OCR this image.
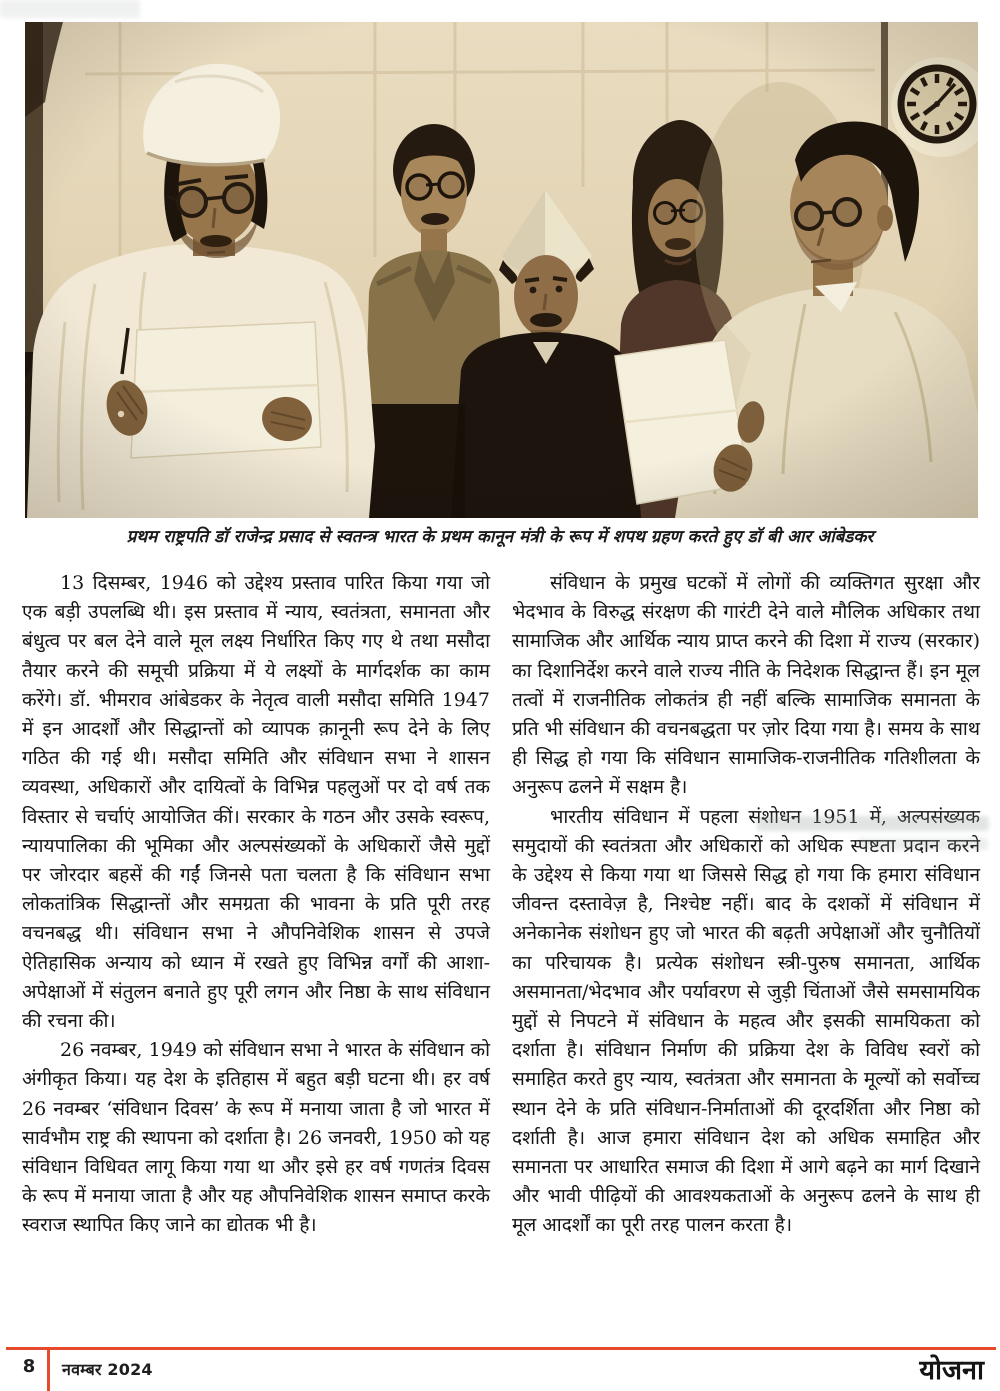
प्रथम राष्ट्रपति डॉ राजेन्द्र प्रसाद से स्वतन्त्र भारत के प्रथम कानून मंत्री के रूप में शपथ ग्रहण करते हुए डॉ बी आर आंबेडकर

13 दिसम्बर, 1946 को उद्देश्य प्रस्ताव पारित किया गया जो एक बड़ी उपलब्धि थी। इस प्रस्ताव में न्याय, स्वतंत्रता, समानता और बंधुत्व पर बल देने वाले मूल लक्ष्य निर्धारित किए गए थे तथा मसौदा तैयार करने की समूची प्रक्रिया में ये लक्ष्यों के मार्गदर्शक का काम करेंगे। डॉ. भीमराव आंबेडकर के नेतृत्व वाली मसौदा समिति 1947 में इन आदर्शों और सिद्धान्तों को व्यापक क़ानूनी रूप देने के लिए गठित की गई थी। मसौदा समिति और संविधान सभा ने शासन व्यवस्था, अधिकारों और दायित्वों के विभिन्न पहलुओं पर दो वर्ष तक विस्तार से चर्चाएं आयोजित कीं। सरकार के गठन और उसके स्वरूप, न्यायपालिका की भूमिका और अल्पसंख्यकों के अधिकारों जैसे मुद्दों पर जोरदार बहसें की गईं जिनसे पता चलता है कि संविधान सभा लोकतांत्रिक सिद्धान्तों और समग्रता की भावना के प्रति पूरी तरह वचनबद्ध थी। संविधान सभा ने औपनिवेशिक शासन से उपजे ऐतिहासिक अन्याय को ध्यान में रखते हुए विभिन्न वर्गों की आशा-अपेक्षाओं में संतुलन बनाते हुए पूरी लगन और निष्ठा के साथ संविधान की रचना की।

26 नवम्बर, 1949 को संविधान सभा ने भारत के संविधान को अंगीकृत किया। यह देश के इतिहास में बहुत बड़ी घटना थी। हर वर्ष 26 नवम्बर ‘संविधान दिवस’ के रूप में मनाया जाता है जो भारत में सार्वभौम राष्ट्र की स्थापना को दर्शाता है। 26 जनवरी, 1950 को यह संविधान विधिवत लागू किया गया था और इसे हर वर्ष गणतंत्र दिवस के रूप में मनाया जाता है और यह औपनिवेशिक शासन समाप्त करके स्वराज स्थापित किए जाने का द्योतक भी है।

संविधान के प्रमुख घटकों में लोगों की व्यक्तिगत सुरक्षा और भेदभाव के विरुद्ध संरक्षण की गारंटी देने वाले मौलिक अधिकार तथा सामाजिक और आर्थिक न्याय प्राप्त करने की दिशा में राज्य (सरकार) का दिशानिर्देश करने वाले राज्य नीति के निदेशक सिद्धान्त हैं। इन मूल तत्वों में राजनीतिक लोकतंत्र ही नहीं बल्कि सामाजिक समानता के प्रति भी संविधान की वचनबद्धता पर ज़ोर दिया गया है। समय के साथ ही सिद्ध हो गया कि संविधान सामाजिक-राजनीतिक गतिशीलता के अनुरूप ढलने में सक्षम है।

भारतीय संविधान में पहला संशोधन 1951 में, अल्पसंख्यक समुदायों की स्वतंत्रता और अधिकारों को अधिक स्पष्टता प्रदान करने के उद्देश्य से किया गया था जिससे सिद्ध हो गया कि हमारा संविधान जीवन्त दस्तावेज़ है, निश्चेष्ट नहीं। बाद के दशकों में संविधान में अनेकानेक संशोधन हुए जो भारत की बढ़ती अपेक्षाओं और चुनौतियों का परिचायक है। प्रत्येक संशोधन स्त्री-पुरुष समानता, आर्थिक असमानता/भेदभाव और पर्यावरण से जुड़ी चिंताओं जैसे समसामयिक मुद्दों से निपटने में संविधान के महत्व और इसकी सामयिकता को दर्शाता है। संविधान निर्माण की प्रक्रिया देश के विविध स्वरों को समाहित करते हुए न्याय, स्वतंत्रता और समानता के मूल्यों को सर्वोच्च स्थान देने के प्रति संविधान-निर्माताओं की दूरदर्शिता और निष्ठा को दर्शाती है। आज हमारा संविधान देश को अधिक समाहित और समानता पर आधारित समाज की दिशा में आगे बढ़ने का मार्ग दिखाने और भावी पीढ़ियों की आवश्यकताओं के अनुरूप ढलने के साथ ही मूल आदर्शों का पूरी तरह पालन करता है।

8	नवम्बर 2024	योजना
